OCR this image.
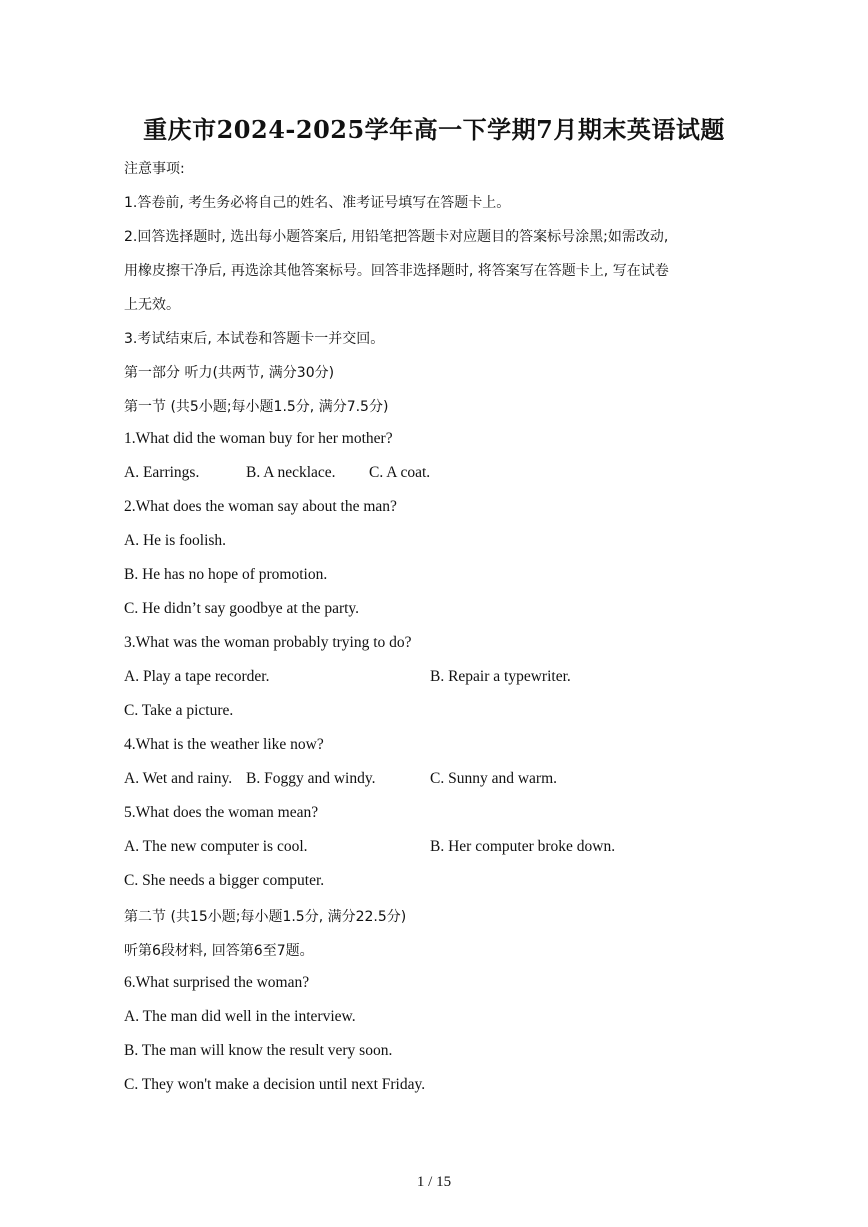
重庆市2024-2025学年高一下学期7月期末英语试题
注意事项:
1.答卷前, 考生务必将自己的姓名、准考证号填写在答题卡上。
2.回答选择题时, 选出每小题答案后, 用铅笔把答题卡对应题目的答案标号涂黑;如需改动,
用橡皮擦干净后, 再选涂其他答案标号。回答非选择题时, 将答案写在答题卡上, 写在试卷
上无效。
3.考试结束后, 本试卷和答题卡一并交回。
第一部分 听力(共两节, 满分30分)
第一节 (共5小题;每小题1.5分, 满分7.5分)
1.What did the woman buy for her mother?
A. Earrings.	B. A necklace. C. A coat.
2.What does the woman say about the man?
A. He is foolish.
B. He has no hope of promotion.
C. He didn’t say goodbye at the party.
3.What was the woman probably trying to do?
A. Play a tape recorder.	B. Repair a typewriter.
C. Take a picture.
4.What is the weather like now?
A. Wet and rainy. B. Foggy and windy.	C. Sunny and warm.
5.What does the woman mean?
A. The new computer is cool.	B. Her computer broke down.
C. She needs a bigger computer.
第二节 (共15小题;每小题1.5分, 满分22.5分)
听第6段材料, 回答第6至7题。
6.What surprised the woman?
A. The man did well in the interview.
B. The man will know the result very soon.
C. They won't make a decision until next Friday.
1 / 15
